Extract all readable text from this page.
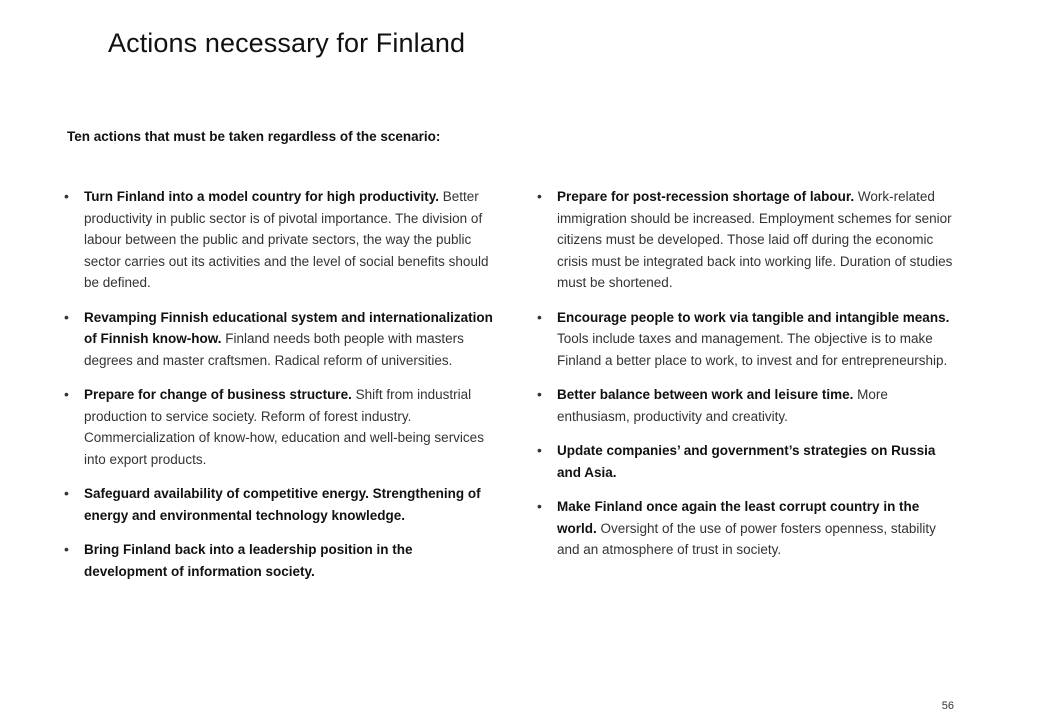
Actions necessary for Finland
Ten actions that must be taken regardless of the scenario:
• Turn Finland into a model country for high productivity. Better productivity in public sector is of pivotal importance. The division of labour between the public and private sectors, the way the public sector carries out its activities and the level of social benefits should be defined.
• Revamping Finnish educational system and internationalization of Finnish know-how. Finland needs both people with masters degrees and master craftsmen. Radical reform of universities.
• Prepare for change of business structure. Shift from industrial production to service society. Reform of forest industry. Commercialization of know-how, education and well-being services into export products.
• Safeguard availability of competitive energy. Strengthening of energy and environmental technology knowledge.
• Bring Finland back into a leadership position in the development of information society.
• Prepare for post-recession shortage of labour. Work-related immigration should be increased. Employment schemes for senior citizens must be developed. Those laid off during the economic crisis must be integrated back into working life. Duration of studies must be shortened.
• Encourage people to work via tangible and intangible means. Tools include taxes and management. The objective is to make Finland a better place to work, to invest and for entrepreneurship.
• Better balance between work and leisure time. More enthusiasm, productivity and creativity.
• Update companies’ and government’s strategies on Russia and Asia.
• Make Finland once again the least corrupt country in the world. Oversight of the use of power fosters openness, stability and an atmosphere of trust in society.
56
